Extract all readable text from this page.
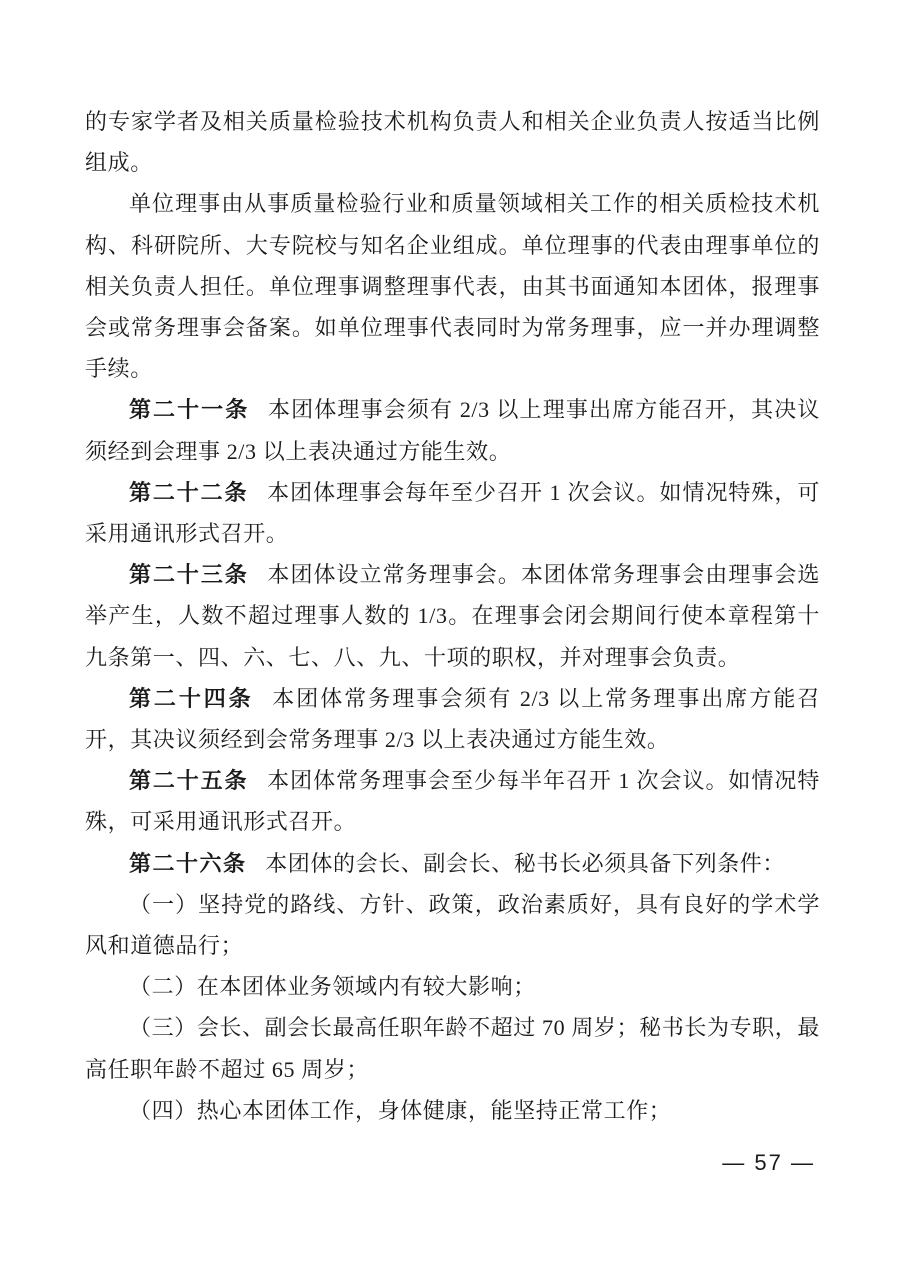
的专家学者及相关质量检验技术机构负责人和相关企业负责人按适当比例组成。

单位理事由从事质量检验行业和质量领域相关工作的相关质检技术机构、科研院所、大专院校与知名企业组成。单位理事的代表由理事单位的相关负责人担任。单位理事调整理事代表，由其书面通知本团体，报理事会或常务理事会备案。如单位理事代表同时为常务理事，应一并办理调整手续。

第二十一条 本团体理事会须有 2/3 以上理事出席方能召开，其决议须经到会理事 2/3 以上表决通过方能生效。

第二十二条 本团体理事会每年至少召开 1 次会议。如情况特殊，可采用通讯形式召开。

第二十三条 本团体设立常务理事会。本团体常务理事会由理事会选举产生，人数不超过理事人数的 1/3。在理事会闭会期间行使本章程第十九条第一、四、六、七、八、九、十项的职权，并对理事会负责。

第二十四条 本团体常务理事会须有 2/3 以上常务理事出席方能召开，其决议须经到会常务理事 2/3 以上表决通过方能生效。

第二十五条 本团体常务理事会至少每半年召开 1 次会议。如情况特殊，可采用通讯形式召开。

第二十六条 本团体的会长、副会长、秘书长必须具备下列条件：

（一）坚持党的路线、方针、政策，政治素质好，具有良好的学术学风和道德品行；

（二）在本团体业务领域内有较大影响；

（三）会长、副会长最高任职年龄不超过 70 周岁；秘书长为专职，最高任职年龄不超过 65 周岁；

（四）热心本团体工作，身体健康，能坚持正常工作；

— 57 —
